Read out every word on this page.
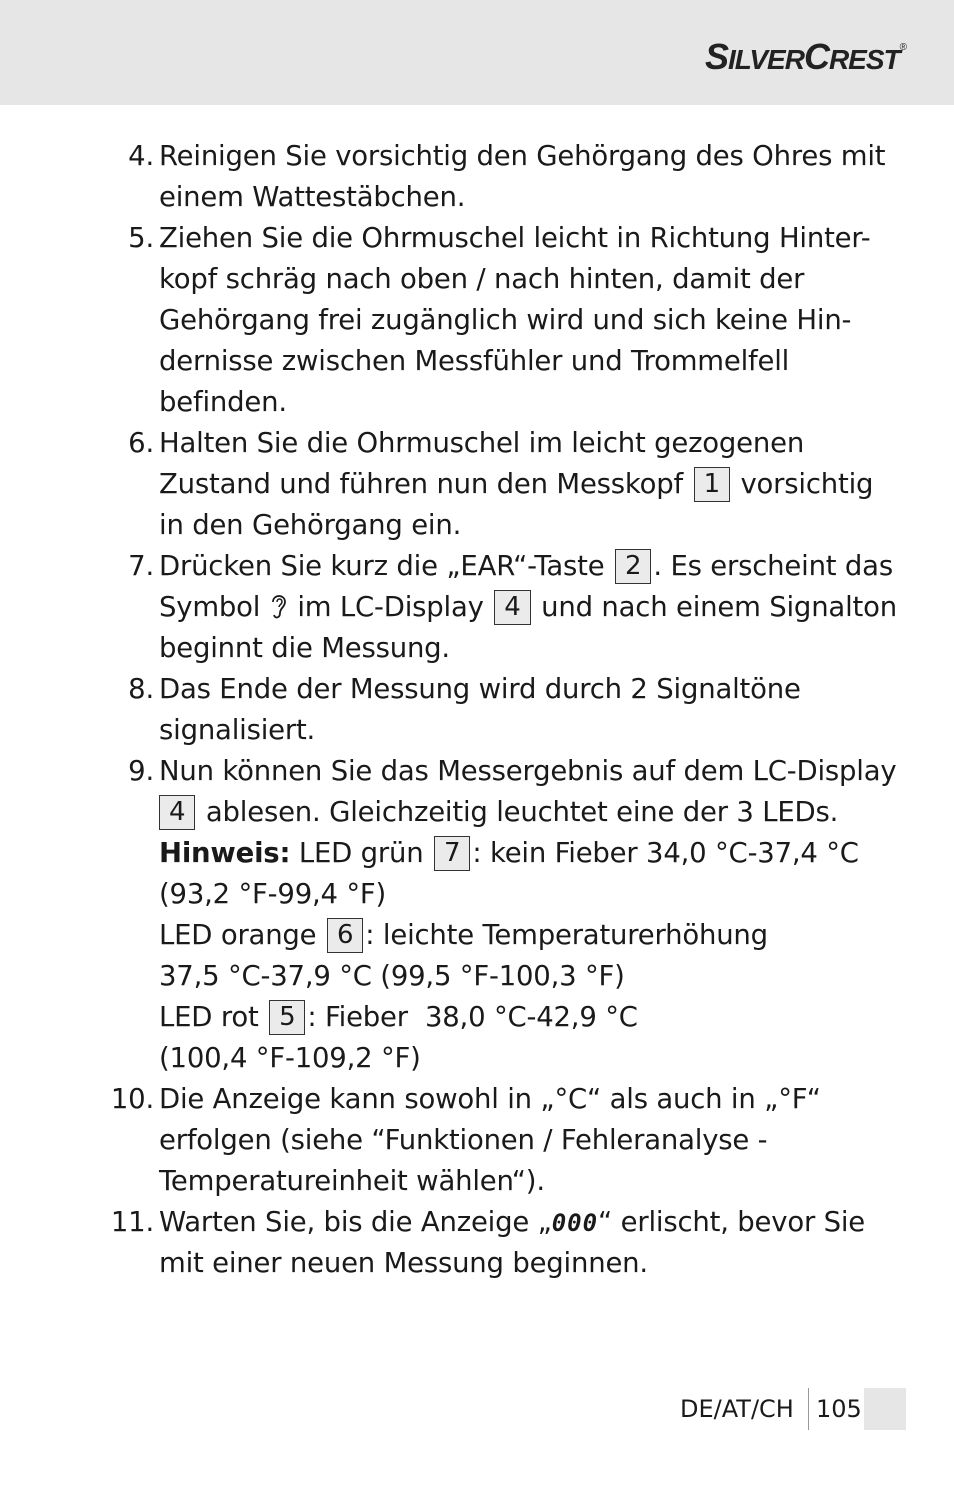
SILVERCREST®
4. Reinigen Sie vorsichtig den Gehörgang des Ohres mit
einem Wattestäbchen.
5. Ziehen Sie die Ohrmuschel leicht in Richtung Hinter-
kopf schräg nach oben / nach hinten, damit der
Gehörgang frei zugänglich wird und sich keine Hin-
dernisse zwischen Messfühler und Trommelfell
befinden.
6. Halten Sie die Ohrmuschel im leicht gezogenen
Zustand und führen nun den Messkopf 1 vorsichtig
in den Gehörgang ein.
7. Drücken Sie kurz die „EAR“-Taste 2 . Es erscheint das
Symbol im LC-Display 4 und nach einem Signalton
beginnt die Messung.
8. Das Ende der Messung wird durch 2 Signaltöne
signalisiert.
9. Nun können Sie das Messergebnis auf dem LC-Display
4 ablesen. Gleichzeitig leuchtet eine der 3 LEDs.
Hinweis: LED grün 7 : kein Fieber 34,0 °C-37,4 °C
(93,2 °F-99,4 °F)
LED orange 6 : leichte Temperaturerhöhung
37,5 °C-37,9 °C (99,5 °F-100,3 °F)
LED rot 5 : Fieber  38,0 °C-42,9 °C
(100,4 °F-109,2 °F)
10. Die Anzeige kann sowohl in „°C“ als auch in „°F“
erfolgen (siehe “Funktionen / Fehleranalyse -
Temperatureinheit wählen“).
11. Warten Sie, bis die Anzeige „000“ erlischt, bevor Sie
mit einer neuen Messung beginnen.
DE/AT/CH 105
